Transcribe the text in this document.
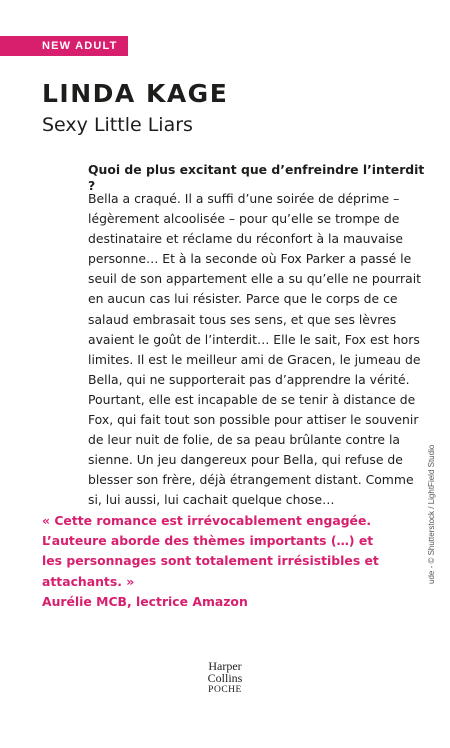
NEW ADULT
LINDA KAGE
Sexy Little Liars

Quoi de plus excitant que d’enfreindre l’interdit ?

Bella a craqué. Il a suffi d’une soirée de déprime –
légèrement alcoolisée – pour qu’elle se trompe de
destinataire et réclame du réconfort à la mauvaise
personne… Et à la seconde où Fox Parker a passé le
seuil de son appartement elle a su qu’elle ne pourrait
en aucun cas lui résister. Parce que le corps de ce
salaud embrasait tous ses sens, et que ses lèvres
avaient le goût de l’interdit… Elle le sait, Fox est hors
limites. Il est le meilleur ami de Gracen, le jumeau de
Bella, qui ne supporterait pas d’apprendre la vérité.
Pourtant, elle est incapable de se tenir à distance de
Fox, qui fait tout son possible pour attiser le souvenir
de leur nuit de folie, de sa peau brûlante contre la
sienne. Un jeu dangereux pour Bella, qui refuse de
blesser son frère, déjà étrangement distant. Comme
si, lui aussi, lui cachait quelque chose…

« Cette romance est irrévocablement engagée.
L’auteure aborde des thèmes importants (…) et
les personnages sont totalement irrésistibles et
attachants. »
Aurélie MCB, lectrice Amazon
ude - © Shutterstock / LightField Studio
Harper
Collins
POCHE
